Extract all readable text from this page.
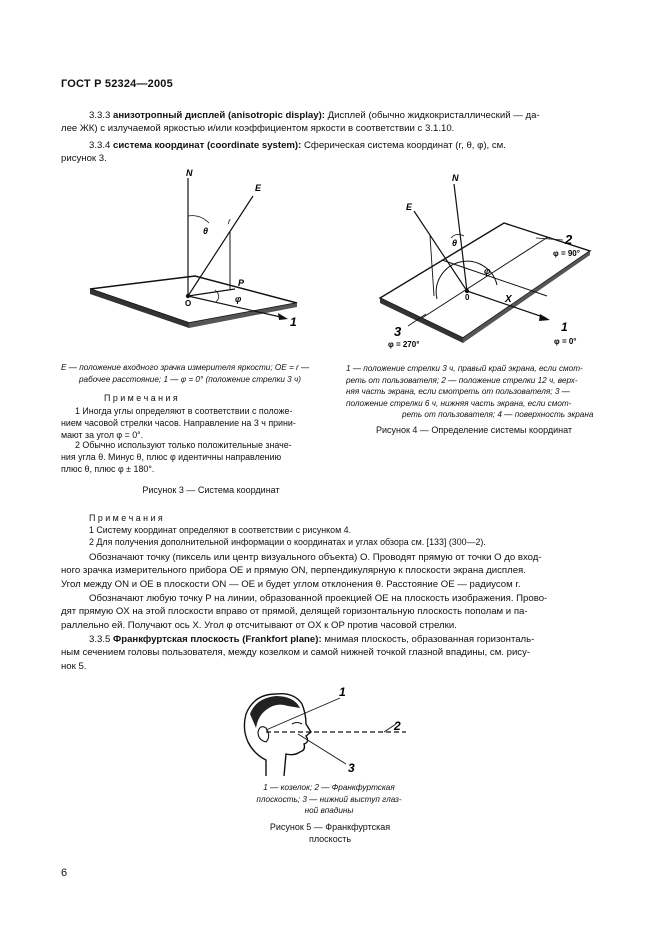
ГОСТ Р 52324—2005
3.3.3 анизотропный дисплей (anisotropic display): Дисплей (обычно жидкокристаллический — да-
лее ЖК) с излучаемой яркостью и/или коэффициентом яркости в соответствии с 3.1.10.
3.3.4 система координат (coordinate system): Сферическая система координат (r, θ, φ), см.
рисунок 3.
N
E
θ
r
P
O	φ
1
E — положение входного зрачка измерителя яркости; OE = r —
рабочее расстояние; 1 — φ = 0° (положение стрелки 3 ч)
П р и м е ч а н и я
1 Иногда углы определяют в соответствии с положе-
нием часовой стрелки часов. Направление на 3 ч прини-
мают за угол φ = 0°.
2 Обычно используют только положительные значе-
ния угла θ. Минус θ, плюс φ идентичны направлению
плюс θ, плюс φ ± 180°.
Рисунок 3 — Система координат
N
E
θ
φ
0	X
2
φ = 90°
1
φ = 0°
3
φ = 270°
1 — положение стрелки 3 ч, правый край экрана, если смот-
реть от пользователя; 2 — положение стрелки 12 ч, верх-
няя часть экрана, если смотреть от пользователя; 3 —
положение стрелки 6 ч, нижняя часть экрана, если смот-
реть от пользователя; 4 — поверхность экрана
Рисунок 4 — Определение системы координат
П р и м е ч а н и я
1 Систему координат определяют в соответствии с рисунком 4.
2 Для получения дополнительной информации о координатах и углах обзора см. [133] (300—2).
Обозначают точку (пиксель или центр визуального объекта) O. Проводят прямую от точки O до вход-
ного зрачка измерительного прибора OE и прямую ON, перпендикулярную к плоскости экрана дисплея.
Угол между ON и OE в плоскости ON — OE и будет углом отклонения θ. Расстояние OE — радиусом r.
Обозначают любую точку P на линии, образованной проекцией OE на плоскость изображения. Прово-
дят прямую OX на этой плоскости вправо от прямой, делящей горизонтальную плоскость пополам и па-
раллельно ей. Получают ось X. Угол φ отсчитывают от OX к OP против часовой стрелки.
3.3.5 Франкфуртская плоскость (Frankfort plane): мнимая плоскость, образованная горизонталь-
ным сечением головы пользователя, между козелком и самой нижней точкой глазной впадины, см. рису-
нок 5.
1
2
3
1 — козелок; 2 — Франкфуртская
плоскость; 3 — нижний выступ глаз-
ной впадины
Рисунок 5 — Франкфуртская
плоскость
6
